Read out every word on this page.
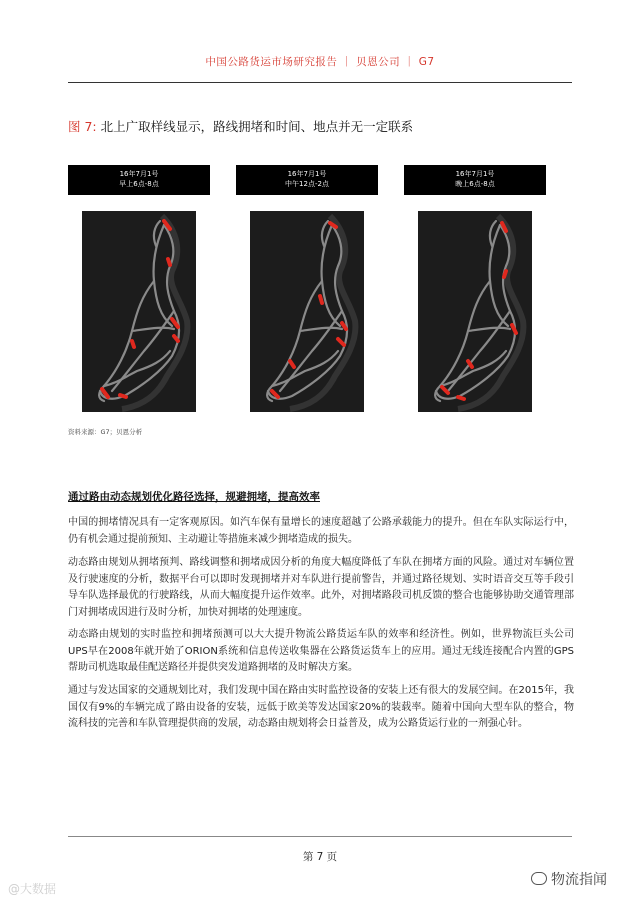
中国公路货运市场研究报告 ｜ 贝恩公司 ｜ G7
图 7: 北上广取样线显示，路线拥堵和时间、地点并无一定联系
16年7月1号
早上6点-8点
16年7月1号
中午12点-2点
16年7月1号
晚上6点-8点
资料来源：G7；贝恩分析
通过路由动态规划优化路径选择，规避拥堵，提高效率

中国的拥堵情况具有一定客观原因。如汽车保有量增长的速度超越了公路承载能力的提升。但在车队实际运行中，仍有机会通过提前预知、主动避让等措施来减少拥堵造成的损失。

动态路由规划从拥堵预判、路线调整和拥堵成因分析的角度大幅度降低了车队在拥堵方面的风险。通过对车辆位置及行驶速度的分析，数据平台可以即时发现拥堵并对车队进行提前警告，并通过路径规划、实时语音交互等手段引导车队选择最优的行驶路线，从而大幅度提升运作效率。此外，对拥堵路段司机反馈的整合也能够协助交通管理部门对拥堵成因进行及时分析，加快对拥堵的处理速度。

动态路由规划的实时监控和拥堵预测可以大大提升物流公路货运车队的效率和经济性。例如，世界物流巨头公司UPS早在2008年就开始了ORION系统和信息传送收集器在公路货运货车上的应用。通过无线连接配合内置的GPS帮助司机选取最佳配送路径并提供突发道路拥堵的及时解决方案。

通过与发达国家的交通规划比对，我们发现中国在路由实时监控设备的安装上还有很大的发展空间。在2015年，我国仅有9%的车辆完成了路由设备的安装，远低于欧美等发达国家20%的装载率。随着中国向大型车队的整合，物流科技的完善和车队管理提供商的发展，动态路由规划将会日益普及，成为公路货运行业的一剂强心针。

第 7 页
@大数据
物流指闻
